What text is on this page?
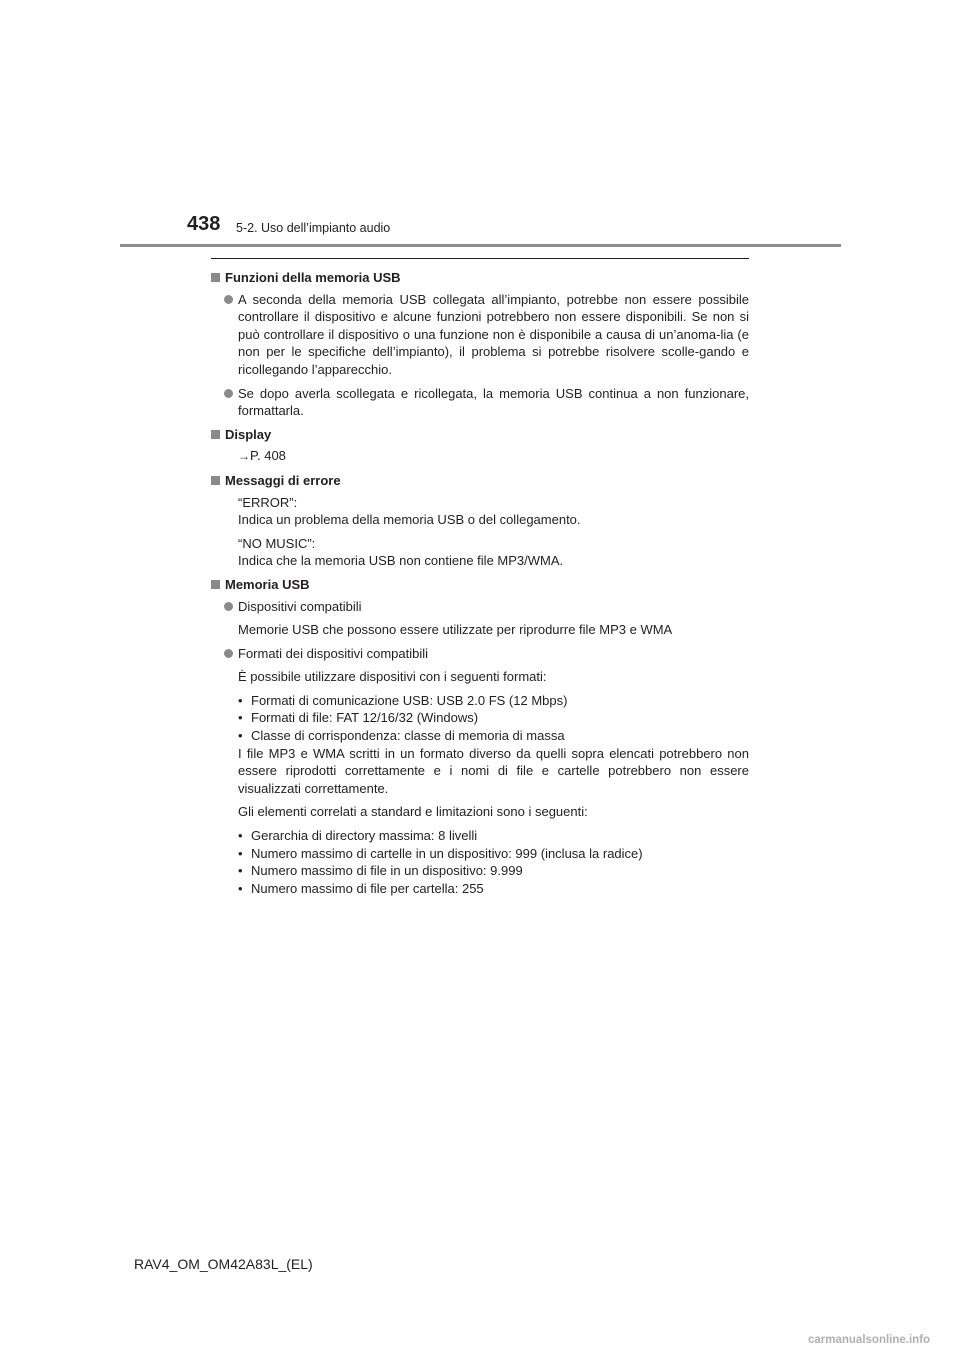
438 5-2. Uso dell’impianto audio
Funzioni della memoria USB
A seconda della memoria USB collegata all’impianto, potrebbe non essere possibile controllare il dispositivo e alcune funzioni potrebbero non essere disponibili. Se non si può controllare il dispositivo o una funzione non è disponibile a causa di un’anoma-lia (e non per le specifiche dell’impianto), il problema si potrebbe risolvere scolle-gando e ricollegando l’apparecchio.
Se dopo averla scollegata e ricollegata, la memoria USB continua a non funzionare, formattarla.
Display
→P. 408
Messaggi di errore
“ERROR”:
Indica un problema della memoria USB o del collegamento.
“NO MUSIC”:
Indica che la memoria USB non contiene file MP3/WMA.
Memoria USB
Dispositivi compatibili
Memorie USB che possono essere utilizzate per riprodurre file MP3 e WMA
Formati dei dispositivi compatibili
È possibile utilizzare dispositivi con i seguenti formati:
• Formati di comunicazione USB: USB 2.0 FS (12 Mbps)
• Formati di file: FAT 12/16/32 (Windows)
• Classe di corrispondenza: classe di memoria di massa
I file MP3 e WMA scritti in un formato diverso da quelli sopra elencati potrebbero non essere riprodotti correttamente e i nomi di file e cartelle potrebbero non essere visualizzati correttamente.
Gli elementi correlati a standard e limitazioni sono i seguenti:
• Gerarchia di directory massima: 8 livelli
• Numero massimo di cartelle in un dispositivo: 999 (inclusa la radice)
• Numero massimo di file in un dispositivo: 9.999
• Numero massimo di file per cartella: 255
RAV4_OM_OM42A83L_(EL)
carmanualsonline.info
